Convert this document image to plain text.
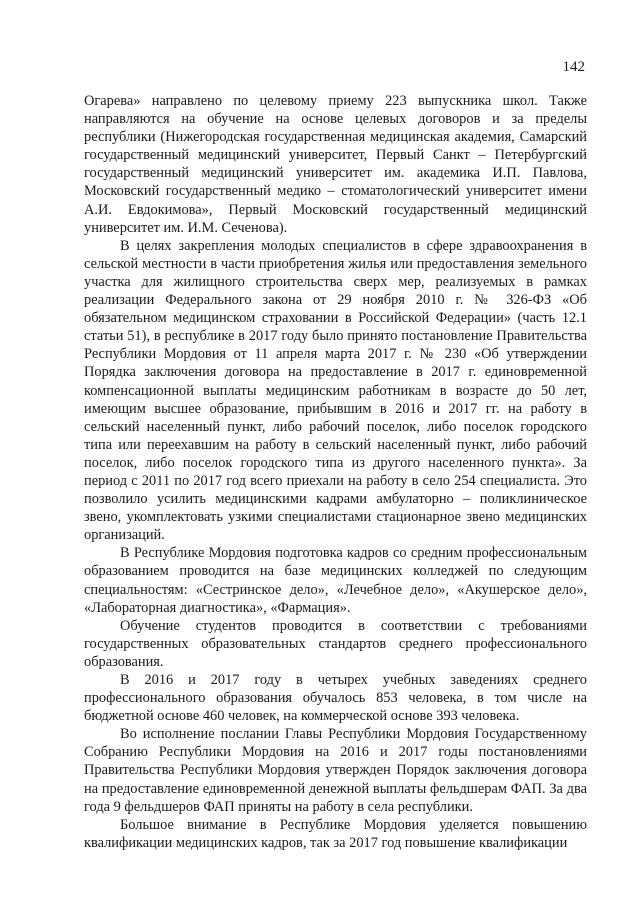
142

Огарева» направлено по целевому приему 223 выпускника школ. Также направляются на обучение на основе целевых договоров и за пределы республики (Нижегородская государственная медицинская академия, Самарский государственный медицинский университет, Первый Санкт – Петербургский государственный медицинский университет им. академика И.П. Павлова, Московский государственный медико – стоматологический университет имени А.И. Евдокимова», Первый Московский государственный медицинский университет им. И.М. Сеченова).

В целях закрепления молодых специалистов в сфере здравоохранения в сельской местности в части приобретения жилья или предоставления земельного участка для жилищного строительства сверх мер, реализуемых в рамках реализации Федерального закона от 29 ноября 2010 г. № 326-ФЗ «Об обязательном медицинском страховании в Российской Федерации» (часть 12.1 статьи 51), в республике в 2017 году было принято постановление Правительства Республики Мордовия от 11 апреля марта 2017 г. № 230 «Об утверждении Порядка заключения договора на предоставление в 2017 г. единовременной компенсационной выплаты медицинским работникам в возрасте до 50 лет, имеющим высшее образование, прибывшим в 2016 и 2017 гг. на работу в сельский населенный пункт, либо рабочий поселок, либо поселок городского типа или переехавшим на работу в сельский населенный пункт, либо рабочий поселок, либо поселок городского типа из другого населенного пункта». За период с 2011 по 2017 год всего приехали на работу в село 254 специалиста. Это позволило усилить медицинскими кадрами амбулаторно – поликлиническое звено, укомплектовать узкими специалистами стационарное звено медицинских организаций.

В Республике Мордовия подготовка кадров со средним профессиональным образованием проводится на базе медицинских колледжей по следующим специальностям: «Сестринское дело», «Лечебное дело», «Акушерское дело», «Лабораторная диагностика», «Фармация».

Обучение студентов проводится в соответствии с требованиями государственных образовательных стандартов среднего профессионального образования.

В 2016 и 2017 году в четырех учебных заведениях среднего профессионального образования обучалось 853 человека, в том числе на бюджетной основе 460 человек, на коммерческой основе 393 человека.

Во исполнение послании Главы Республики Мордовия Государственному Собранию Республики Мордовия на 2016 и 2017 годы постановлениями Правительства Республики Мордовия утвержден Порядок заключения договора на предоставление единовременной денежной выплаты фельдшерам ФАП. За два года 9 фельдшеров ФАП приняты на работу в села республики.

Большое внимание в Республике Мордовия уделяется повышению квалификации медицинских кадров, так за 2017 год повышение квалификации
